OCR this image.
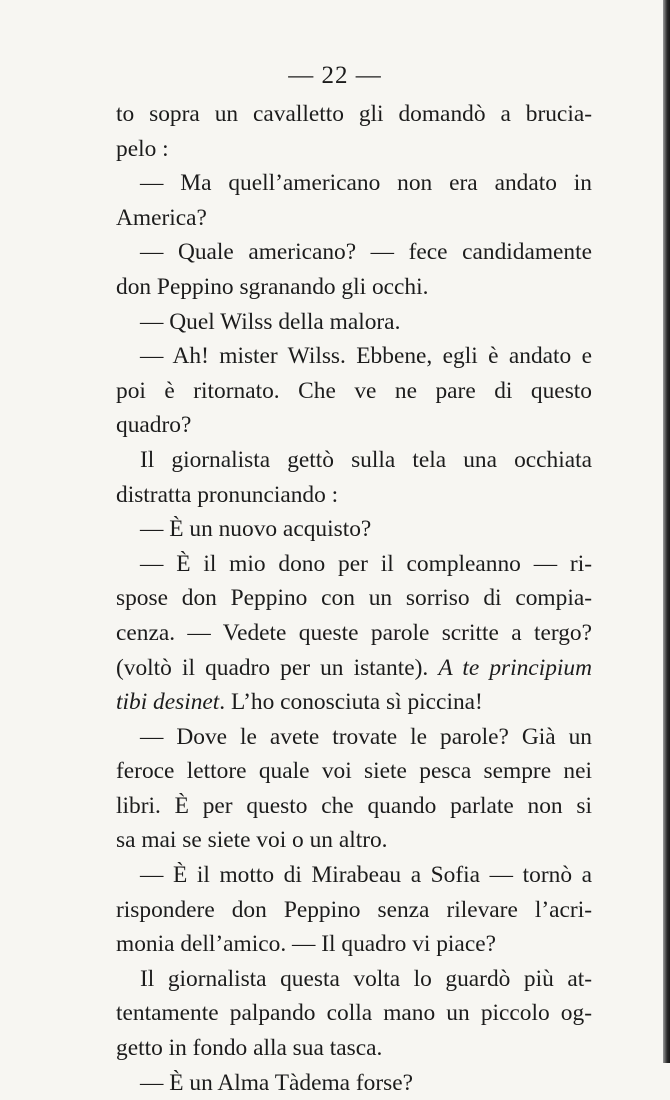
— 22 —
to sopra un cavalletto gli domandò a brucia-
pelo :
— Ma quell’americano non era andato in
America?
— Quale americano? — fece candidamente
don Peppino sgranando gli occhi.
— Quel Wilss della malora.
— Ah! mister Wilss. Ebbene, egli è andato e
poi è ritornato. Che ve ne pare di questo
quadro?
Il giornalista gettò sulla tela una occhiata
distratta pronunciando :
— È un nuovo acquisto?
— È il mio dono per il compleanno — ri-
spose don Peppino con un sorriso di compia-
cenza. — Vedete queste parole scritte a tergo?
(voltò il quadro per un istante). A te principium
tibi desinet. L’ho conosciuta sì piccina!
— Dove le avete trovate le parole? Già un
feroce lettore quale voi siete pesca sempre nei
libri. È per questo che quando parlate non si
sa mai se siete voi o un altro.
— È il motto di Mirabeau a Sofia — tornò a
rispondere don Peppino senza rilevare l’acri-
monia dell’amico. — Il quadro vi piace?
Il giornalista questa volta lo guardò più at-
tentamente palpando colla mano un piccolo og-
getto in fondo alla sua tasca.
— È un Alma Tàdema forse?
